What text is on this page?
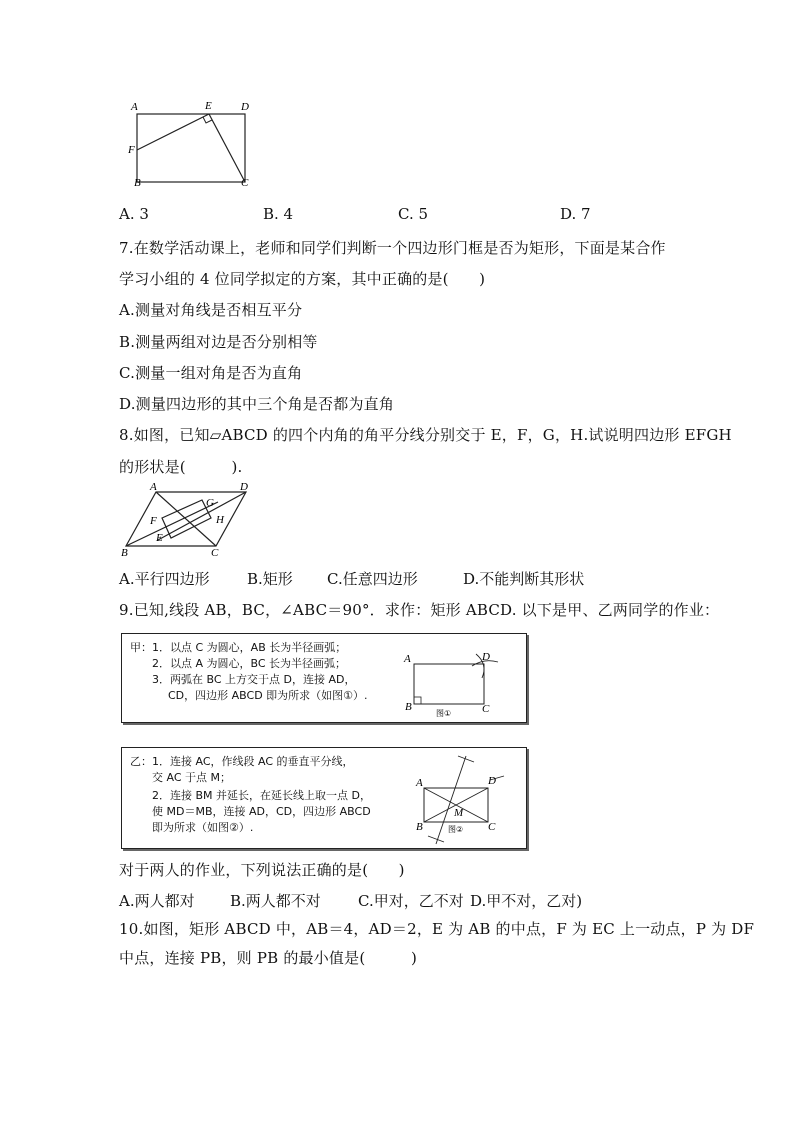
A	E	D
F
B	C
A. 3	B. 4	C. 5	D. 7
7.在数学活动课上，老师和同学们判断一个四边形门框是否为矩形，下面是某合作
学习小组的 4 位同学拟定的方案，其中正确的是(　　)
A.测量对角线是否相互平分
B.测量两组对边是否分别相等
C.测量一组对角是否为直角
D.测量四边形的其中三个角是否都为直角
8.如图，已知▱ABCD 的四个内角的角平分线分别交于 E，F，G，H.试说明四边形 EFGH
的形状是(　　　).
A	D
G
F	H
B
E
C
A.平行四边形 B.矩形 C.任意四边形	D.不能判断其形状
9.已知,线段 AB，BC，∠ABC＝90°．求作：矩形 ABCD. 以下是甲、乙两同学的作业：
甲：1．以点 C 为圆心，AB 长为半径画弧；
2．以点 A 为圆心，BC 长为半径画弧；
3．两弧在 BC 上方交于点 D，连接 AD，
CD，四边形 ABCD 即为所求（如图①）.
A	D
B	C
图①
乙：1．连接 AC，作线段 AC 的垂直平分线，
交 AC 于点 M；
2．连接 BM 并延长，在延长线上取一点 D，
使 MD＝MB，连接 AD，CD，四边形 ABCD
即为所求（如图②）.
A	D
M
B	C
图②
对于两人的作业，下列说法正确的是(　　)
A.两人都对 B.两人都不对 C.甲对，乙不对 D.甲不对，乙对)
10.如图，矩形 ABCD 中，AB＝4，AD＝2，E 为 AB 的中点，F 为 EC 上一动点，P 为 DF
中点，连接 PB，则 PB 的最小值是(　　　)
